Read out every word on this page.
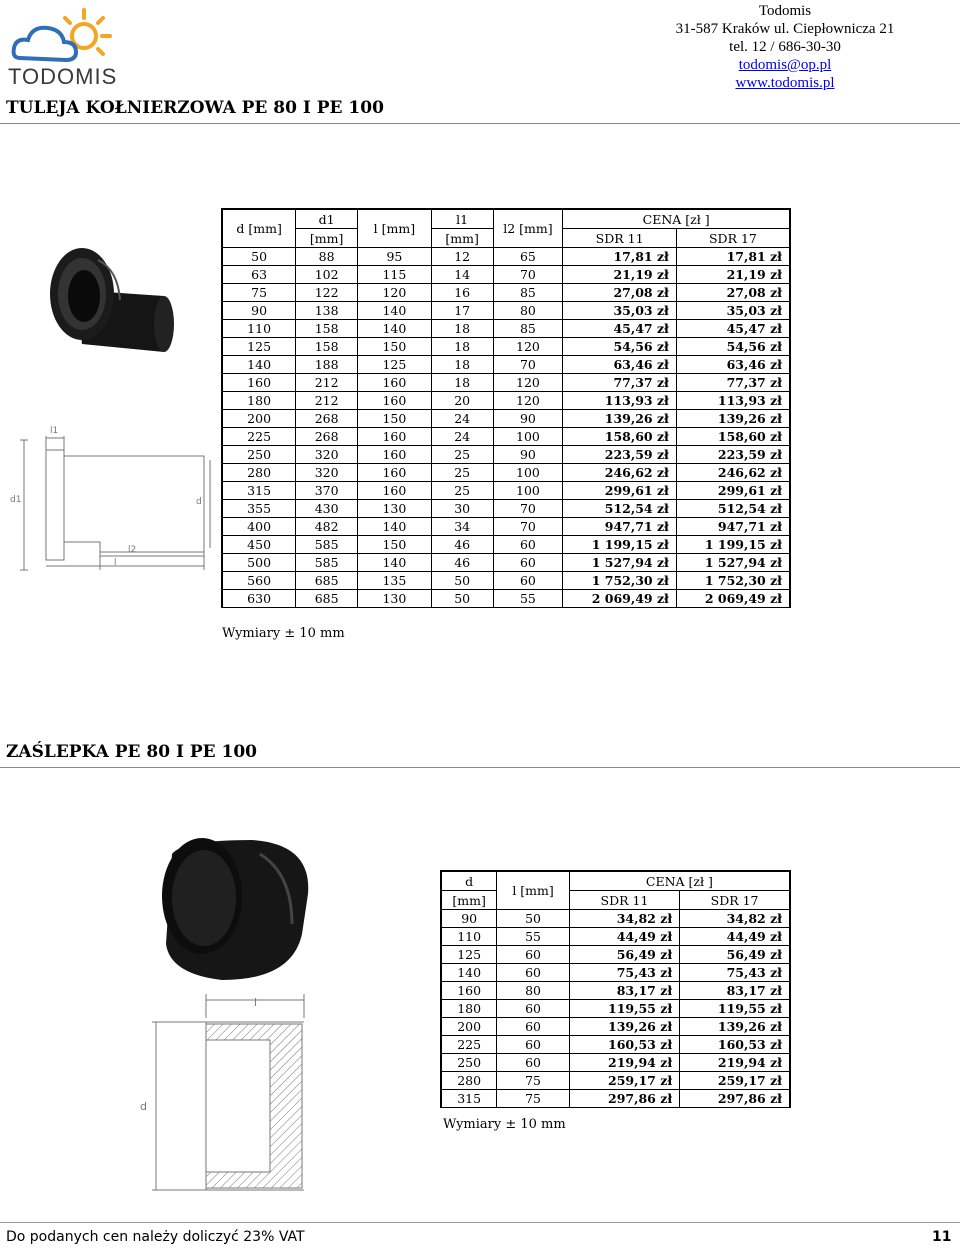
TODOMIS
Todomis
31-587 Kraków ul. Ciepłownicza 21
tel. 12 / 686-30-30
todomis@op.pl
www.todomis.pl
TULEJA KOŁNIERZOWA PE 80 I PE 100
l1
l2
l
d1	d
d [mm]	d1	l [mm]	l1	l2 [mm]	CENA [zł ]	
	[mm]		[mm]		SDR 11	SDR 17
50	88	95	12	65	17,81 zł	17,81 zł
63	102	115	14	70	21,19 zł	21,19 zł
75	122	120	16	85	27,08 zł	27,08 zł
90	138	140	17	80	35,03 zł	35,03 zł
110	158	140	18	85	45,47 zł	45,47 zł
125	158	150	18	120	54,56 zł	54,56 zł
140	188	125	18	70	63,46 zł	63,46 zł
160	212	160	18	120	77,37 zł	77,37 zł
180	212	160	20	120	113,93 zł	113,93 zł
200	268	150	24	90	139,26 zł	139,26 zł
225	268	160	24	100	158,60 zł	158,60 zł
250	320	160	25	90	223,59 zł	223,59 zł
280	320	160	25	100	246,62 zł	246,62 zł
315	370	160	25	100	299,61 zł	299,61 zł
355	430	130	30	70	512,54 zł	512,54 zł
400	482	140	34	70	947,71 zł	947,71 zł
450	585	150	46	60	1 199,15 zł	1 199,15 zł
500	585	140	46	60	1 527,94 zł	1 527,94 zł
560	685	135	50	60	1 752,30 zł	1 752,30 zł
630	685	130	50	55	2 069,49 zł	2 069,49 zł
Wymiary ± 10 mm
ZAŚLEPKA PE 80 I PE 100
l
d
d	l [mm]	CENA [zł ]	
[mm]		SDR 11	SDR 17
90	50	34,82 zł	34,82 zł
110	55	44,49 zł	44,49 zł
125	60	56,49 zł	56,49 zł
140	60	75,43 zł	75,43 zł
160	80	83,17 zł	83,17 zł
180	60	119,55 zł	119,55 zł
200	60	139,26 zł	139,26 zł
225	60	160,53 zł	160,53 zł
250	60	219,94 zł	219,94 zł
280	75	259,17 zł	259,17 zł
315	75	297,86 zł	297,86 zł
Wymiary ± 10 mm
Do podanych cen należy doliczyć 23% VAT	11
